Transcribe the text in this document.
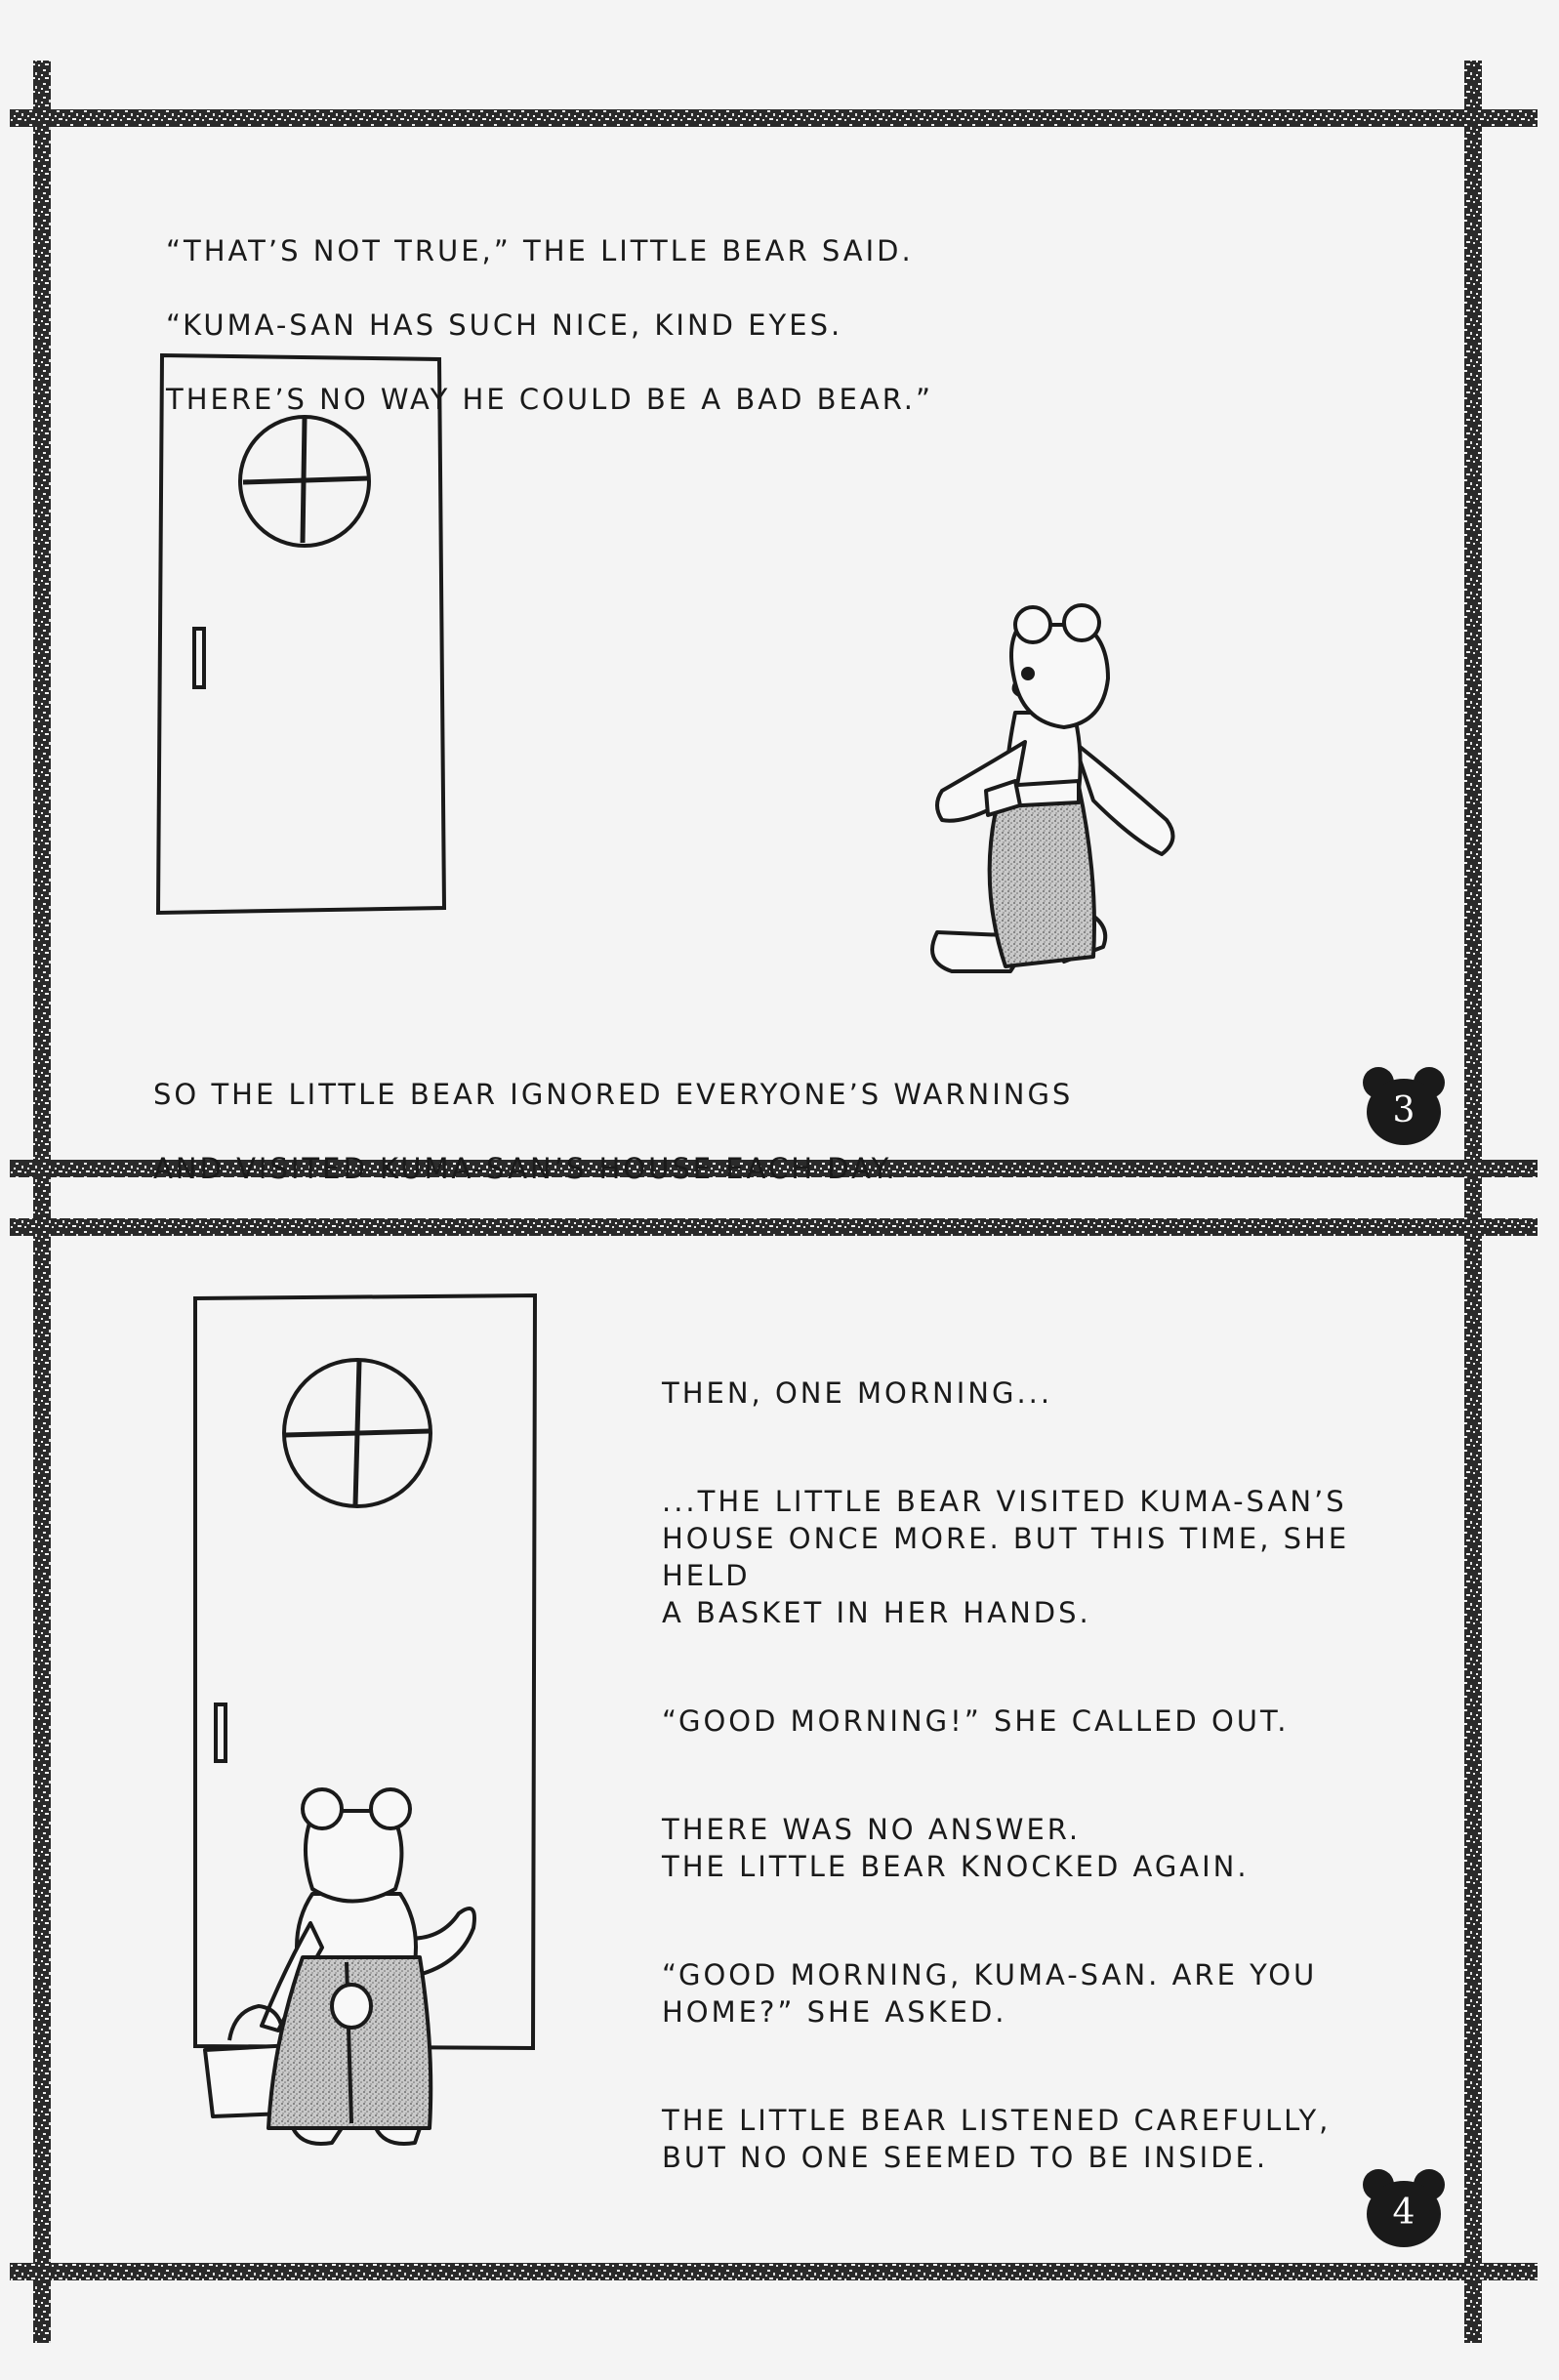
“THAT’S NOT TRUE,” THE LITTLE BEAR SAID.

“KUMA-SAN HAS SUCH NICE, KIND EYES.

THERE’S NO WAY HE COULD BE A BAD BEAR.”

SO THE LITTLE BEAR IGNORED EVERYONE’S WARNINGS

AND VISITED KUMA-SAN’S HOUSE EACH DAY.

3

THEN, ONE MORNING...

...THE LITTLE BEAR VISITED KUMA-SAN’S
HOUSE ONCE MORE. BUT THIS TIME, SHE HELD
A BASKET IN HER HANDS.

“GOOD MORNING!” SHE CALLED OUT.

THERE WAS NO ANSWER.
THE LITTLE BEAR KNOCKED AGAIN.

“GOOD MORNING, KUMA-SAN. ARE YOU
HOME?” SHE ASKED.

THE LITTLE BEAR LISTENED CAREFULLY,
BUT NO ONE SEEMED TO BE INSIDE.

4
